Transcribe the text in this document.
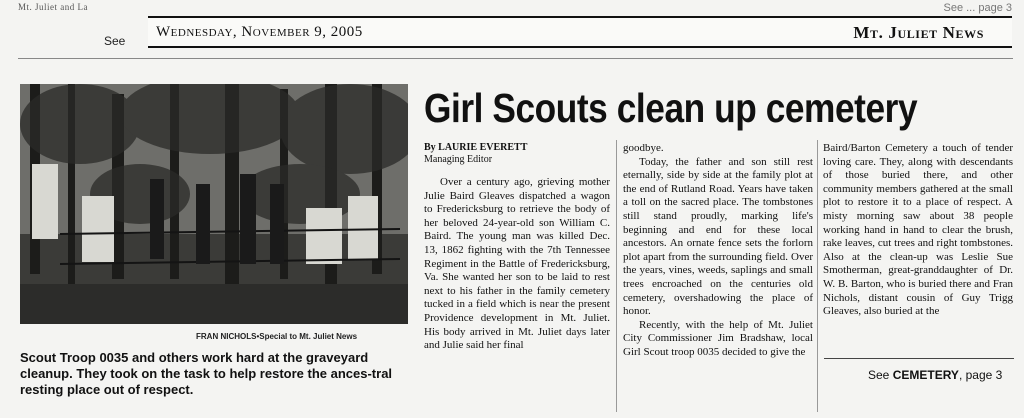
Mt. Juliet and La
See
See ... page 3
Wednesday, November 9, 2005	Mt. Juliet News
FRAN NICHOLS•Special to Mt. Juliet News
Scout Troop 0035 and others work hard at the graveyard cleanup. They took on the task to help restore the ances-tral resting place out of respect.
Girl Scouts clean up cemetery
By LAURIE EVERETT
Managing Editor

Over a century ago, grieving mother Julie Baird Gleaves dispatched a wagon to Fredericksburg to retrieve the body of her beloved 24-year-old son William C. Baird. The young man was killed Dec. 13, 1862 fighting with the 7th Tennessee Regiment in the Battle of Fredericksburg, Va. She wanted her son to be laid to rest next to his father in the family cemetery tucked in a field which is near the present Providence development in Mt. Juliet. His body arrived in Mt. Juliet days later and Julie said her final

goodbye.

Today, the father and son still rest eternally, side by side at the family plot at the end of Rutland Road. Years have taken a toll on the sacred place. The tombstones still stand proudly, marking life's beginning and end for these local ancestors. An ornate fence sets the forlorn plot apart from the surrounding field. Over the years, vines, weeds, saplings and small trees encroached on the centuries old cemetery, overshadowing the place of honor.

Recently, with the help of Mt. Juliet City Commissioner Jim Bradshaw, local Girl Scout troop 0035 decided to give the

Baird/Barton Cemetery a touch of tender loving care. They, along with descendants of those buried there, and other community members gathered at the small plot to restore it to a place of respect. A misty morning saw about 38 people working hand in hand to clear the brush, rake leaves, cut trees and right tombstones. Also at the clean-up was Leslie Sue Smotherman, great-granddaughter of Dr. W. B. Barton, who is buried there and Fran Nichols, distant cousin of Guy Trigg Gleaves, also buried at the

See CEMETERY, page 3
